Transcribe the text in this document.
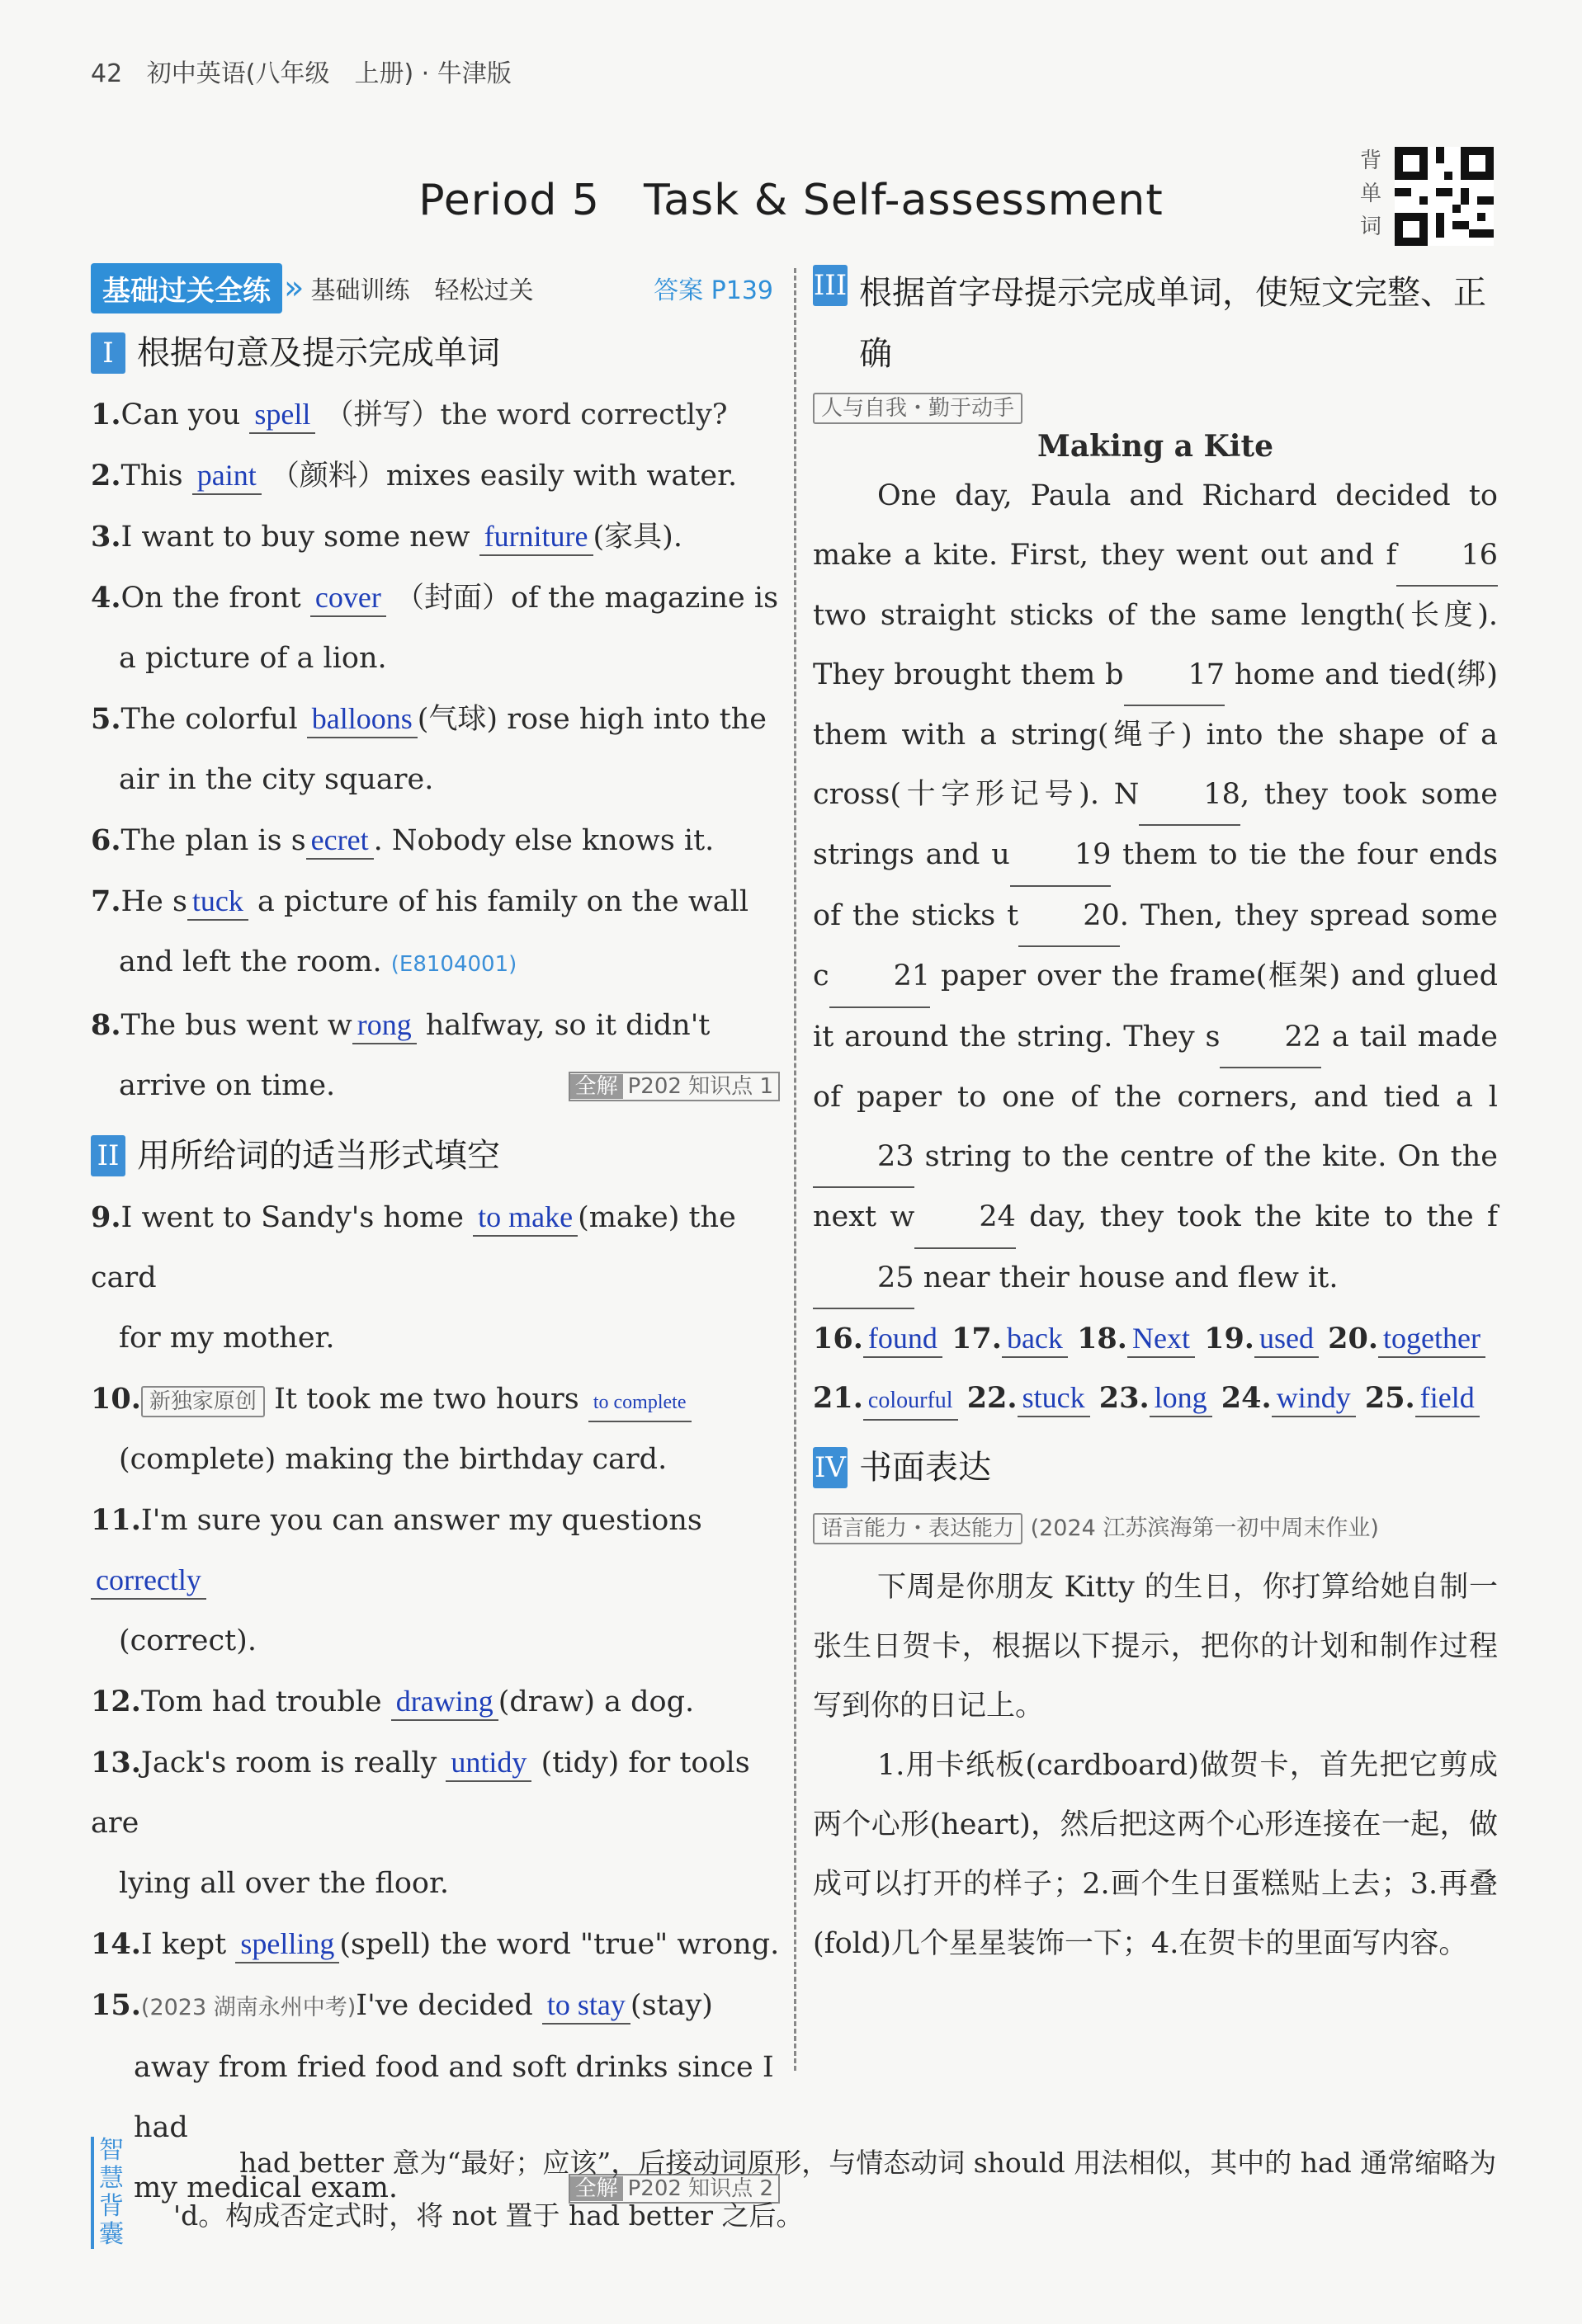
42 初中英语(八年级　上册) · 牛津版
Period 5　Task & Self-assessment
背单词
基础过关全练 » 基础训练　轻松过关	答案 P139
I 根据句意及提示完成单词
1.Can you spell （拼写）the word correctly?
2.This paint （颜料）mixes easily with water.
3.I want to buy some new furniture (家具).
4.On the front cover （封面）of the magazine is
a picture of a lion.
5.The colorful balloons (气球) rose high into the
air in the city square.
6.The plan is s ecret . Nobody else knows it.
7.He s tuck a picture of his family on the wall
and left the room. (E8104001)
8.The bus went w rong halfway, so it didn't
arrive on time.	全解 P202 知识点 1
II 用所给词的适当形式填空
9.I went to Sandy's home to make (make) the card
for my mother.
10. 新独家原创 It took me two hours to complete
(complete) making the birthday card.
11.I'm sure you can answer my questions correctly
(correct).
12.Tom had trouble drawing (draw) a dog.
13.Jack's room is really untidy (tidy) for tools are
lying all over the floor.
14.I kept spelling (spell) the word "true" wrong.
15.(2023 湖南永州中考)I've decided to stay (stay)
away from fried food and soft drinks since I had
my medical exam.	全解 P202 知识点 2
III 根据首字母提示完成单词，使短文完整、正确
人与自我・勤于动手
Making a Kite
One day, Paula and Richard decided to make a kite. First, they went out and f 16 two straight sticks of the same length(长度). They brought them b 17 home and tied(绑) them with a string(绳子) into the shape of a cross(十字形记号). N 18, they took some strings and u 19 them to tie the four ends of the sticks t 20. Then, they spread some c 21 paper over the frame(框架) and glued it around the string. They s 22 a tail made of paper to one of the corners, and tied a l23 string to the centre of the kite. On the next w 24 day, they took the kite to the f25 near their house and flew it.
16. found 17. back 18. Next 19. used 20. together
21. colourful 22. stuck 23. long 24. windy 25. field
IV 书面表达
语言能力・表达能力 (2024 江苏滨海第一初中周末作业)
下周是你朋友 Kitty 的生日，你打算给她自制一张生日贺卡，根据以下提示，把你的计划和制作过程写到你的日记上。
1.用卡纸板(cardboard)做贺卡，首先把它剪成两个心形(heart)，然后把这两个心形连接在一起，做成可以打开的样子；2.画个生日蛋糕贴上去；3.再叠(fold)几个星星装饰一下；4.在贺卡的里面写内容。
智慧背囊
had better 意为“最好；应该”，后接动词原形，与情态动词 should 用法相似，其中的 had 通常缩略为 'd。构成否定式时，将 not 置于 had better 之后。
